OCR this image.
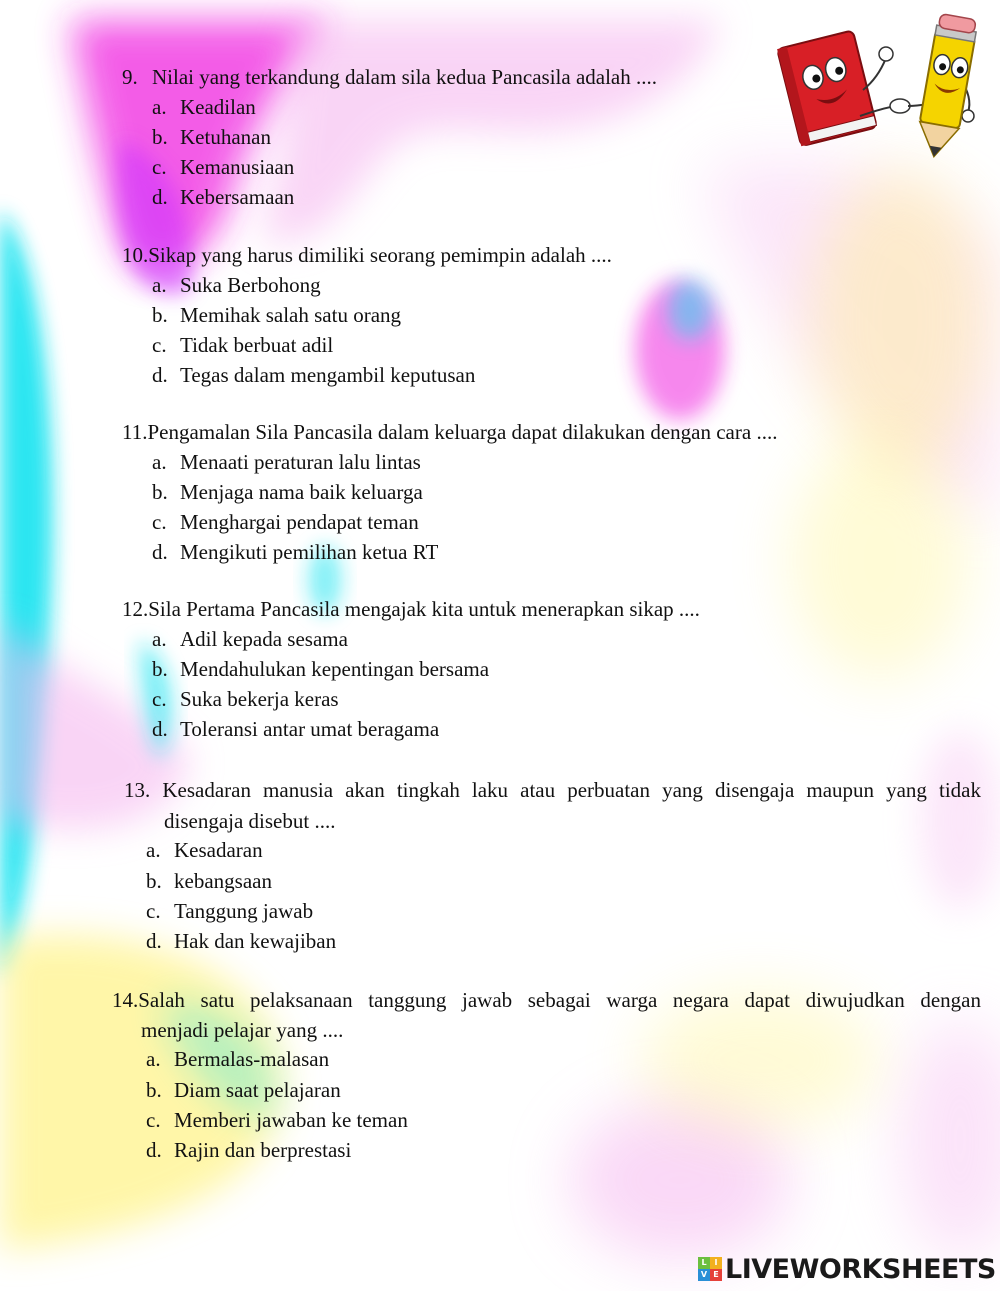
9. Nilai yang terkandung dalam sila kedua Pancasila adalah ....
a. Keadilan
b. Ketuhanan
c. Kemanusiaan
d. Kebersamaan
10.Sikap yang harus dimiliki seorang pemimpin adalah ....
a. Suka Berbohong
b. Memihak salah satu orang
c. Tidak berbuat adil
d. Tegas dalam mengambil keputusan
11.Pengamalan Sila Pancasila dalam keluarga dapat dilakukan dengan cara ....
a. Menaati peraturan lalu lintas
b. Menjaga nama baik keluarga
c. Menghargai pendapat teman
d. Mengikuti pemilihan ketua RT
12.Sila Pertama Pancasila mengajak kita untuk menerapkan sikap ....
a. Adil kepada sesama
b. Mendahulukan kepentingan bersama
c. Suka bekerja keras
d. Toleransi antar umat beragama
13. Kesadaran manusia akan tingkah laku atau perbuatan yang disengaja maupun yang tidak
disengaja disebut ....
a. Kesadaran
b. kebangsaan
c. Tanggung jawab
d. Hak dan kewajiban
14.Salah satu pelaksanaan tanggung jawab sebagai warga negara dapat diwujudkan dengan
menjadi pelajar yang ....
a. Bermalas-malasan
b. Diam saat pelajaran
c. Memberi jawaban ke teman
d. Rajin dan berprestasi
L I
V E LIVEWORKSHEETS
